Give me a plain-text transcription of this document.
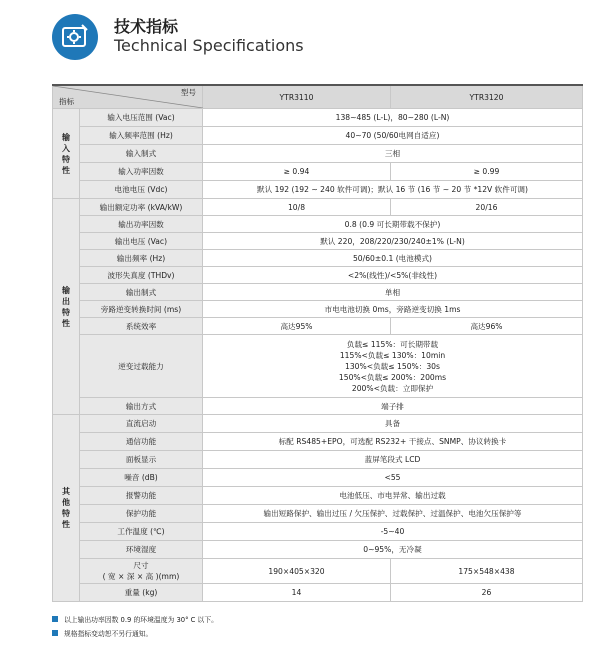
技术指标
Technical Specifications
型号
指标		YTR3110	YTR3120
输入特性	输入电压范围 (Vac)	138~485 (L-L)，80~280 (L-N)	
	输入频率范围 (Hz)	40~70 (50/60电网自适应)	
	输入制式	三相	
	输入功率因数	≥ 0.94	≥ 0.99
	电池电压 (Vdc)	默认 192 (192 ~ 240 软件可调)；默认 16 节 (16 节 ~ 20 节 *12V 软件可调)	
输出特性	输出额定功率 (kVA/kW)	10/8	20/16
	输出功率因数	0.8 (0.9 可长期带载不保护)	
	输出电压 (Vac)	默认 220，208/220/230/240±1% (L-N)	
	输出频率 (Hz)	50/60±0.1 (电池模式)	
	波形失真度 (THDv)	<2%(线性)/<5%(非线性)	
	输出制式	单相	
	旁路逆变转换时间 (ms)	市电电池切换 0ms，旁路逆变切换 1ms	
	系统效率	高达95%	高达96%
	逆变过载能力	负载≤ 115%：可长期带载
115%<负载≤ 130%：10min
130%<负载≤ 150%：30s
150%<负载≤ 200%：200ms
200%<负载：立即保护	

	输出方式	端子排	
其他特性	直流启动	具备	
	通信功能	标配 RS485+EPO，可选配 RS232+ 干接点、SNMP、协议转换卡	
	面板显示	蓝屏笔段式 LCD	
	噪音 (dB)	<55	
	报警功能	电池低压、市电异常、输出过载	
	保护功能	输出短路保护、输出过压 / 欠压保护、过载保护、过温保护、电池欠压保护等	
	工作温度 (℃)	-5~40	
	环境湿度	0~95%，无冷凝	

	尺寸
( 宽 × 深 × 高 )(mm)	190×405×320	175×548×438
	重量 (kg)	14	26
以上输出功率因数 0.9 的环境温度为 30° C 以下。
规格指标变动恕不另行通知。
